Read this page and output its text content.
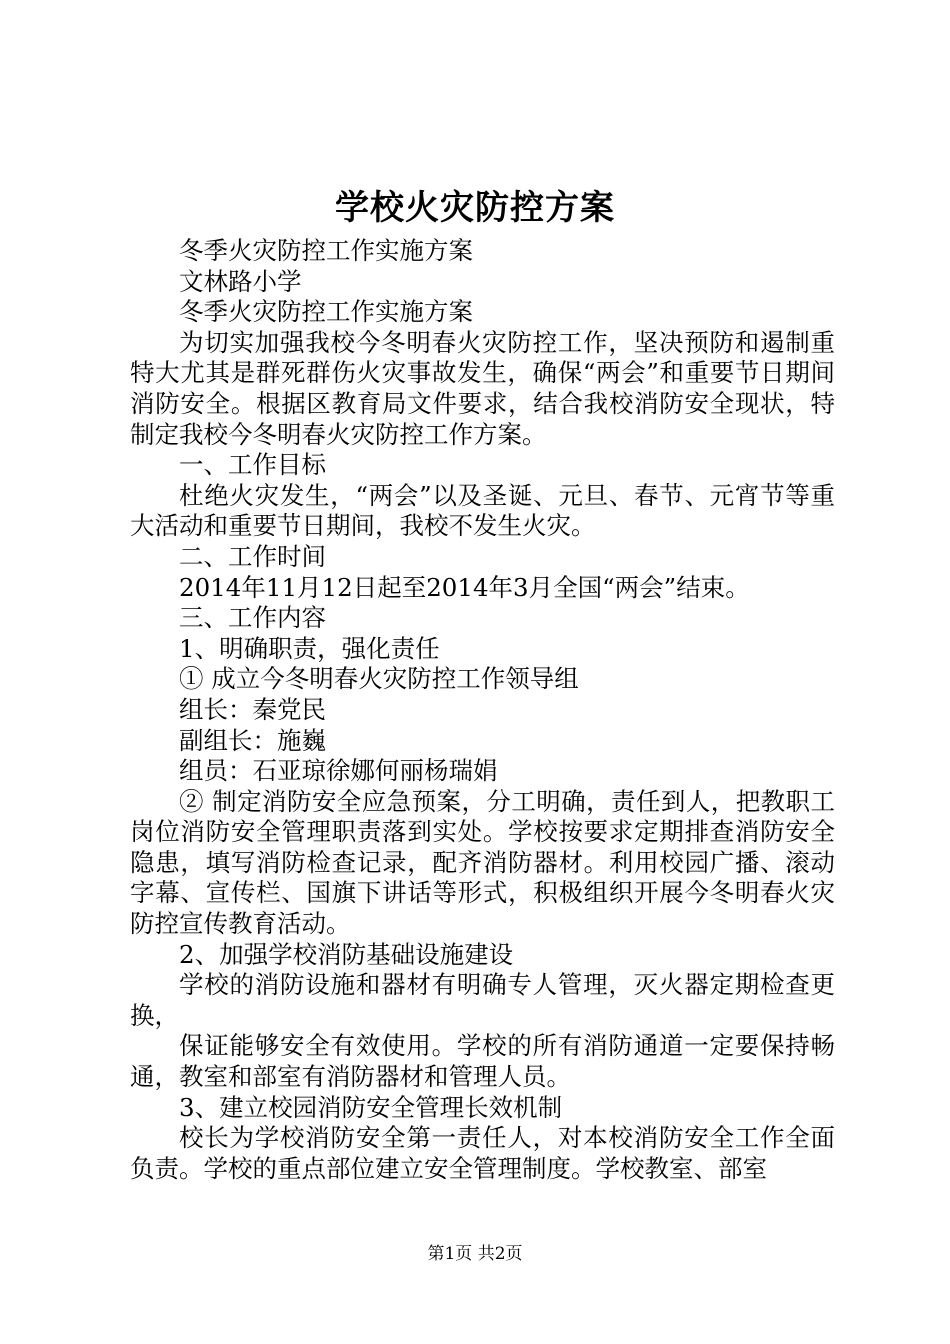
学校火灾防控方案

冬季火灾防控工作实施方案

文林路小学

冬季火灾防控工作实施方案

为切实加强我校今冬明春火灾防控工作，坚决预防和遏制重特大尤其是群死群伤火灾事故发生，确保“两会”和重要节日期间消防安全。根据区教育局文件要求，结合我校消防安全现状，特制定我校今冬明春火灾防控工作方案。

一、工作目标

杜绝火灾发生，“两会”以及圣诞、元旦、春节、元宵节等重大活动和重要节日期间，我校不发生火灾。

二、工作时间

2014年11月12日起至2014年3月全国“两会”结束。

三、工作内容

1、明确职责，强化责任

① 成立今冬明春火灾防控工作领导组

组长：秦党民

副组长：施巍

组员：石亚琼徐娜何丽杨瑞娟

② 制定消防安全应急预案，分工明确，责任到人，把教职工岗位消防安全管理职责落到实处。学校按要求定期排查消防安全隐患，填写消防检查记录，配齐消防器材。利用校园广播、滚动字幕、宣传栏、国旗下讲话等形式，积极组织开展今冬明春火灾防控宣传教育活动。

2、加强学校消防基础设施建设

学校的消防设施和器材有明确专人管理，灭火器定期检查更换，

保证能够安全有效使用。学校的所有消防通道一定要保持畅通，教室和部室有消防器材和管理人员。

3、建立校园消防安全管理长效机制

校长为学校消防安全第一责任人，对本校消防安全工作全面负责。学校的重点部位建立安全管理制度。学校教室、部室

第1页 共2页
